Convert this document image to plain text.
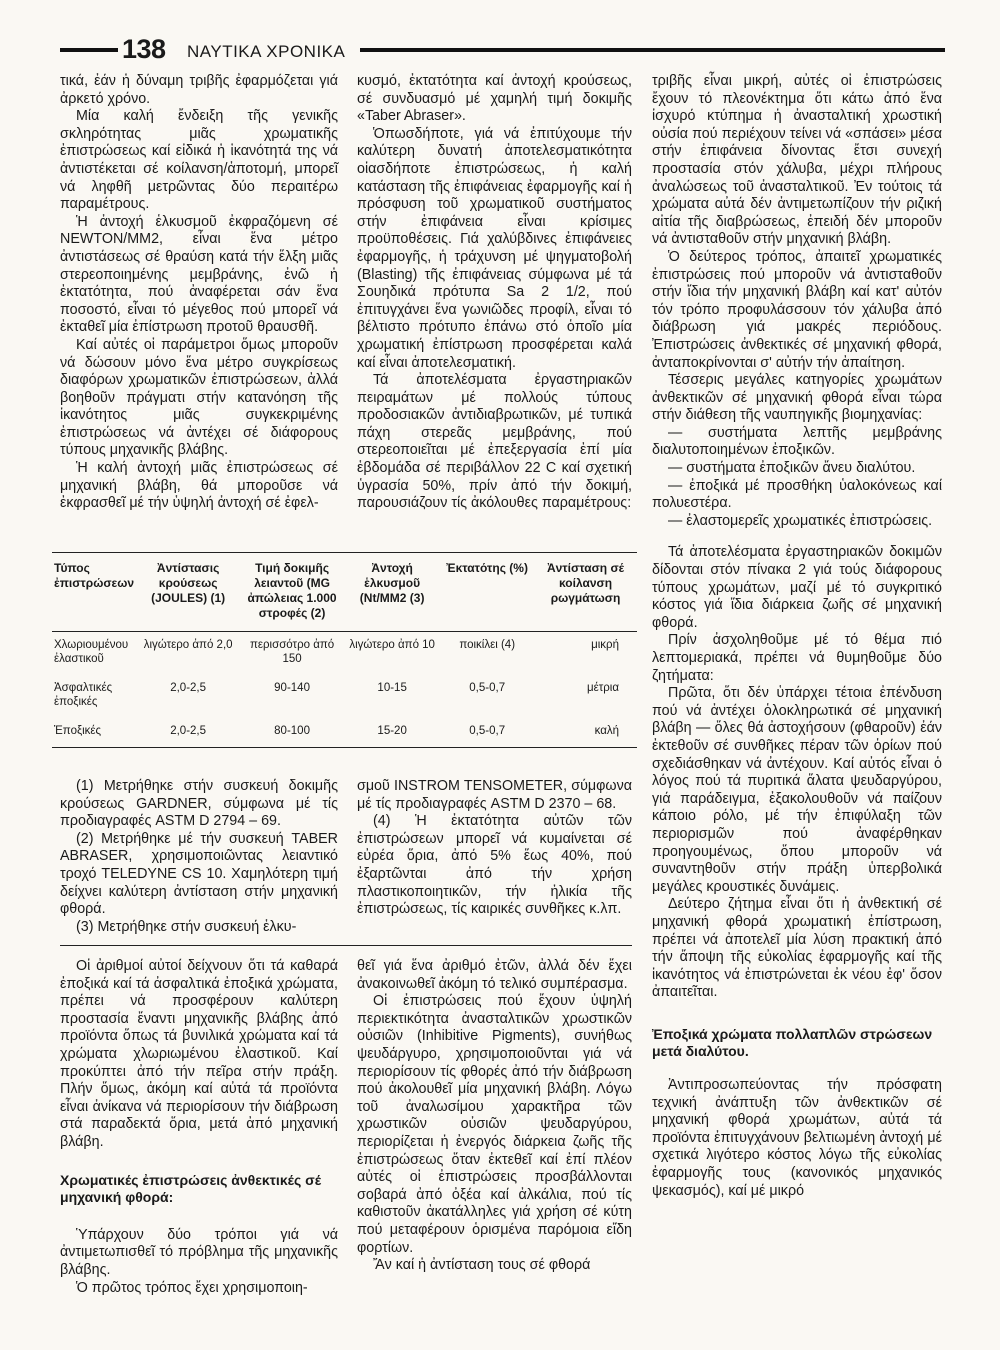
138 ΝΑΥΤΙΚΑ ΧΡΟΝΙΚΑ

τικά, ἐάν ἡ δύναμη τριβῆς ἐφαρμόζεται γιά ἀρκετό χρόνο.

Μία καλή ἔνδειξη τῆς γενικῆς σκληρότητας μιᾶς χρωματικῆς ἐπιστρώσεως καί εἰδικά ἡ ἱκανότητά της νά ἀντιστέκεται σέ κοίλανση/ἀποτομή, μπορεῖ νά ληφθῆ μετρῶντας δύο περαιτέρω παραμέτρους.

Ἡ ἀντοχή ἑλκυσμοῦ ἐκφραζόμενη σέ NEWTON/MM2, εἶναι ἕνα μέτρο ἀντιστάσεως σέ θραύση κατά τήν ἕλξη μιᾶς στερεοποιημένης μεμβράνης, ἐνῶ ἡ ἐκτατότητα, πού ἀναφέρεται σάν ἕνα ποσοστό, εἶναι τό μέγεθος πού μπορεῖ νά ἐκταθεῖ μία ἐπίστρωση προτοῦ θραυσθῆ.

Καί αὐτές οἱ παράμετροι ὅμως μποροῦν νά δώσουν μόνο ἕνα μέτρο συγκρίσεως διαφόρων χρωματικῶν ἐπιστρώσεων, ἀλλά βοηθοῦν πράγματι στήν κατανόηση τῆς ἱκανότητος μιᾶς συγκεκριμένης ἐπιστρώσεως νά ἀντέχει σέ διάφορους τύπους μηχανικῆς βλάβης.

Ἡ καλή ἀντοχή μιᾶς ἐπιστρώσεως σέ μηχανική βλάβη, θά μποροῦσε νά ἐκφρασθεῖ μέ τήν ὑψηλή ἀντοχή σέ ἐφελ-

κυσμό, ἐκτατότητα καί ἀντοχή κρούσεως, σέ συνδυασμό μέ χαμηλή τιμή δοκιμῆς «Taber Abraser».

Ὁπωσδήποτε, γιά νά ἐπιτύχουμε τήν καλύτερη δυνατή ἀποτελεσματικότητα οἱασδήποτε ἐπιστρώσεως, ἡ καλή κατάσταση τῆς ἐπιφάνειας ἐφαρμογῆς καί ἡ πρόσφυση τοῦ χρωματικοῦ συστήματος στήν ἐπιφάνεια εἶναι κρίσιμες προϋποθέσεις. Γιά χαλύβδινες ἐπιφάνειες ἐφαρμογῆς, ἡ τράχυνση μέ ψηγματοβολή (Blasting) τῆς ἐπιφάνειας σύμφωνα μέ τά Σουηδικά πρότυπα Sa 2 1/2, πού ἐπιτυγχάνει ἕνα γωνιῶδες προφίλ, εἶναι τό βέλτιστο πρότυπο ἐπάνω στό ὁποῖο μία χρωματική ἐπίστρωση προσφέρεται καλά καί εἶναι ἀποτελεσματική.

Τά ἀποτελέσματα ἐργαστηριακῶν πειραμάτων μέ πολλούς τύπους προδοσιακῶν ἀντιδιαβρωτικῶν, μέ τυπικά πάχη στερεᾶς μεμβράνης, πού στερεοποιεῖται μέ ἐπεξεργασία ἐπί μία ἑβδομάδα σέ περιβάλλον 22 C καί σχετική ὑγρασία 50%, πρίν ἀπό τήν δοκιμή, παρουσιάζουν τίς ἀκόλουθες παραμέτρους:

τριβῆς εἶναι μικρή, αὐτές οἱ ἐπιστρώσεις ἔχουν τό πλεονέκτημα ὅτι κάτω ἀπό ἕνα ἰσχυρό κτύπημα ἡ ἀνασταλτική χρωστική οὐσία πού περιέχουν τείνει νά «σπάσει» μέσα στήν ἐπιφάνεια δίνοντας ἔτσι συνεχή προστασία στόν χάλυβα, μέχρι πλήρους ἀναλώσεως τοῦ ἀνασταλτικοῦ. Ἐν τούτοις τά χρώματα αὐτά δέν ἀντιμετωπίζουν τήν ριζική αἰτία τῆς διαβρώσεως, ἐπειδή δέν μποροῦν νά ἀντισταθοῦν στήν μηχανική βλάβη.

Ὁ δεύτερος τρόπος, ἀπαιτεῖ χρωματικές ἐπιστρώσεις πού μποροῦν νά ἀντισταθοῦν στήν ἴδια τήν μηχανική βλάβη καί κατ' αὐτόν τόν τρόπο προφυλάσσουν τόν χάλυβα ἀπό διάβρωση γιά μακρές περιόδους. Ἐπιστρώσεις ἀνθεκτικές σέ μηχανική φθορά, ἀνταποκρίνονται σ' αὐτήν τήν ἀπαίτηση.

Τέσσερις μεγάλες κατηγορίες χρωμάτων ἀνθεκτικῶν σέ μηχανική φθορά εἶναι τώρα στήν διάθεση τῆς ναυπηγικῆς βιομηχανίας:

— συστήματα λεπτῆς μεμβράνης διαλυτοποιημένων ἐποξικῶν.

— συστήματα ἐποξικῶν ἄνευ διαλύτου.

— ἐποξικά μέ προσθήκη ὑαλοκόνεως καί πολυεστέρα.

— ἐλαστομερεῖς χρωματικές ἐπιστρώσεις.

Τά ἀποτελέσματα ἐργαστηριακῶν δοκιμῶν δίδονται στόν πίνακα 2 γιά τούς διάφορους τύπους χρωμάτων, μαζί μέ τό συγκριτικό κόστος γιά ἴδια διάρκεια ζωῆς σέ μηχανική φθορά.

Πρίν ἀσχοληθοῦμε μέ τό θέμα πιό λεπτομεριακά, πρέπει νά θυμηθοῦμε δύο ζητήματα:

Πρῶτα, ὅτι δέν ὑπάρχει τέτοια ἐπένδυση πού νά ἀντέχει ὁλοκληρωτικά σέ μηχανική βλάβη — ὅλες θά ἀστοχήσουν (φθαροῦν) ἐάν ἐκτεθοῦν σέ συνθῆκες πέραν τῶν ὁρίων πού σχεδιάσθηκαν νά ἀντέχουν. Καί αὐτός εἶναι ὁ λόγος πού τά πυριτικά ἅλατα ψευδαργύρου, γιά παράδειγμα, ἐξακολουθοῦν νά παίζουν κάποιο ρόλο, μέ τήν ἐπιφύλαξη τῶν περιορισμῶν πού ἀναφέρθηκαν προηγουμένως, ὅπου μποροῦν νά συναντηθοῦν στήν πράξη ὑπερβολικά μεγάλες κρουστικές δυνάμεις.

Δεύτερο ζήτημα εἶναι ὅτι ἡ ἀνθεκτική σέ μηχανική φθορά χρωματική ἐπίστρωση, πρέπει νά ἀποτελεῖ μία λύση πρακτική ἀπό τήν ἄποψη τῆς εὐκολίας ἐφαρμογῆς καί τῆς ἱκανότητος νά ἐπιστρώνεται ἐκ νέου ἐφ' ὅσον ἀπαιτεῖται.

Ἐποξικά χρώματα πολλαπλῶν στρώσεων μετά διαλύτου.

Ἀντιπροσωπεύοντας τήν πρόσφατη τεχνική ἀνάπτυξη τῶν ἀνθεκτικῶν σέ μηχανική φθορά χρωμάτων, αὐτά τά προϊόντα ἐπιτυγχάνουν βελτιωμένη ἀντοχή μέ σχετικά λιγότερο κόστος λόγω τῆς εὐκολίας ἐφαρμογῆς τους (κανονικός μηχανικός ψεκασμός), καί μέ μικρό

Τύπος ἐπιστρώσεων	Ἀντίστασις κρούσεως (JOULES) (1)	Τιμή δοκιμῆς λειαντοῦ (MG ἀπώλειας 1.000 στροφές (2)	Ἀντοχή ἑλκυσμοῦ (Nt/MM2 (3)	Ἐκτατότης (%)	Ἀντίσταση σέ κοίλανση ρωγμάτωση
Χλωριουμένου ἐλαστικοῦ	λιγώτερο ἀπό 2,0	περισσότρο ἀπό 150	λιγώτερο ἀπό 10	ποικίλει (4)	μικρή
Ἀσφαλτικές ἐποξικές	2,0-2,5	90-140	10-15	0,5-0,7	μέτρια
Ἐποξικές	2,0-2,5	80-100	15-20	0,5-0,7	καλή

(1) Μετρήθηκε στήν συσκευή δοκιμῆς κρούσεως GARDNER, σύμφωνα μέ τίς προδιαγραφές ASTM D 2794 – 69.

(2) Μετρήθηκε μέ τήν συσκευή TABER ABRASER, χρησιμοποιῶντας λειαντικό τροχό TELEDYNE CS 10. Χαμηλότερη τιμή δείχνει καλύτερη ἀντίσταση στήν μηχανική φθορά.

(3) Μετρήθηκε στήν συσκευή ἑλκυ-

σμοῦ INSTROM TENSOMETER, σύμφωνα μέ τίς προδιαγραφές ASTM D 2370 – 68.

(4) Ἡ ἐκτατότητα αὐτῶν τῶν ἐπιστρώσεων μπορεῖ νά κυμαίνεται σέ εὐρέα ὅρια, ἀπό 5% ἕως 40%, πού ἐξαρτῶνται ἀπό τήν χρήση πλαστικοποιητικῶν, τήν ἡλικία τῆς ἐπιστρώσεως, τίς καιρικές συνθῆκες κ.λπ.

Οἱ ἀριθμοί αὐτοί δείχνουν ὅτι τά καθαρά ἐποξικά καί τά ἀσφαλτικά ἐποξικά χρώματα, πρέπει νά προσφέρουν καλύτερη προστασία ἔναντι μηχανικῆς βλάβης ἀπό προϊόντα ὅπως τά βυνιλικά χρώματα καί τά χρώματα χλωριωμένου ἐλαστικοῦ. Καί προκύπτει ἀπό τήν πεῖρα στήν πράξη. Πλήν ὅμως, ἀκόμη καί αὐτά τά προϊόντα εἶναι ἀνίκανα νά περιορίσουν τήν διάβρωση στά παραδεκτά ὅρια, μετά ἀπό μηχανική βλάβη.

Χρωματικές ἐπιστρώσεις ἀνθεκτικές σέ μηχανική φθορά:

Ὑπάρχουν δύο τρόποι γιά νά ἀντιμετωπισθεῖ τό πρόβλημα τῆς μηχανικῆς βλάβης.

Ὁ πρῶτος τρόπος ἔχει χρησιμοποιη-

θεῖ γιά ἕνα ἀριθμό ἐτῶν, ἀλλά δέν ἔχει ἀνακοινωθεῖ ἀκόμη τό τελικό συμπέρασμα.

Οἱ ἐπιστρώσεις πού ἔχουν ὑψηλή περιεκτικότητα ἀνασταλτικῶν χρωστικῶν οὐσιῶν (Inhibitive Pigments), συνήθως ψευδάργυρο, χρησιμοποιοῦνται γιά νά περιορίσουν τίς φθορές ἀπό τήν διάβρωση πού ἀκολουθεῖ μία μηχανική βλάβη. Λόγω τοῦ ἀναλωσίμου χαρακτῆρα τῶν χρωστικῶν οὐσιῶν ψευδαργύρου, περιορίζεται ἡ ἐνεργός διάρκεια ζωῆς τῆς ἐπιστρώσεως ὅταν ἐκτεθεῖ καί ἐπί πλέον αὐτές οἱ ἐπιστρώσεις προσβάλλονται σοβαρά ἀπό ὀξέα καί ἀλκάλια, πού τίς καθιστοῦν ἀκατάλληλες γιά χρήση σέ κύτη πού μεταφέρουν ὁρισμένα παρόμοια εἴδη φορτίων.

Ἄν καί ἡ ἀντίσταση τους σέ φθορά
